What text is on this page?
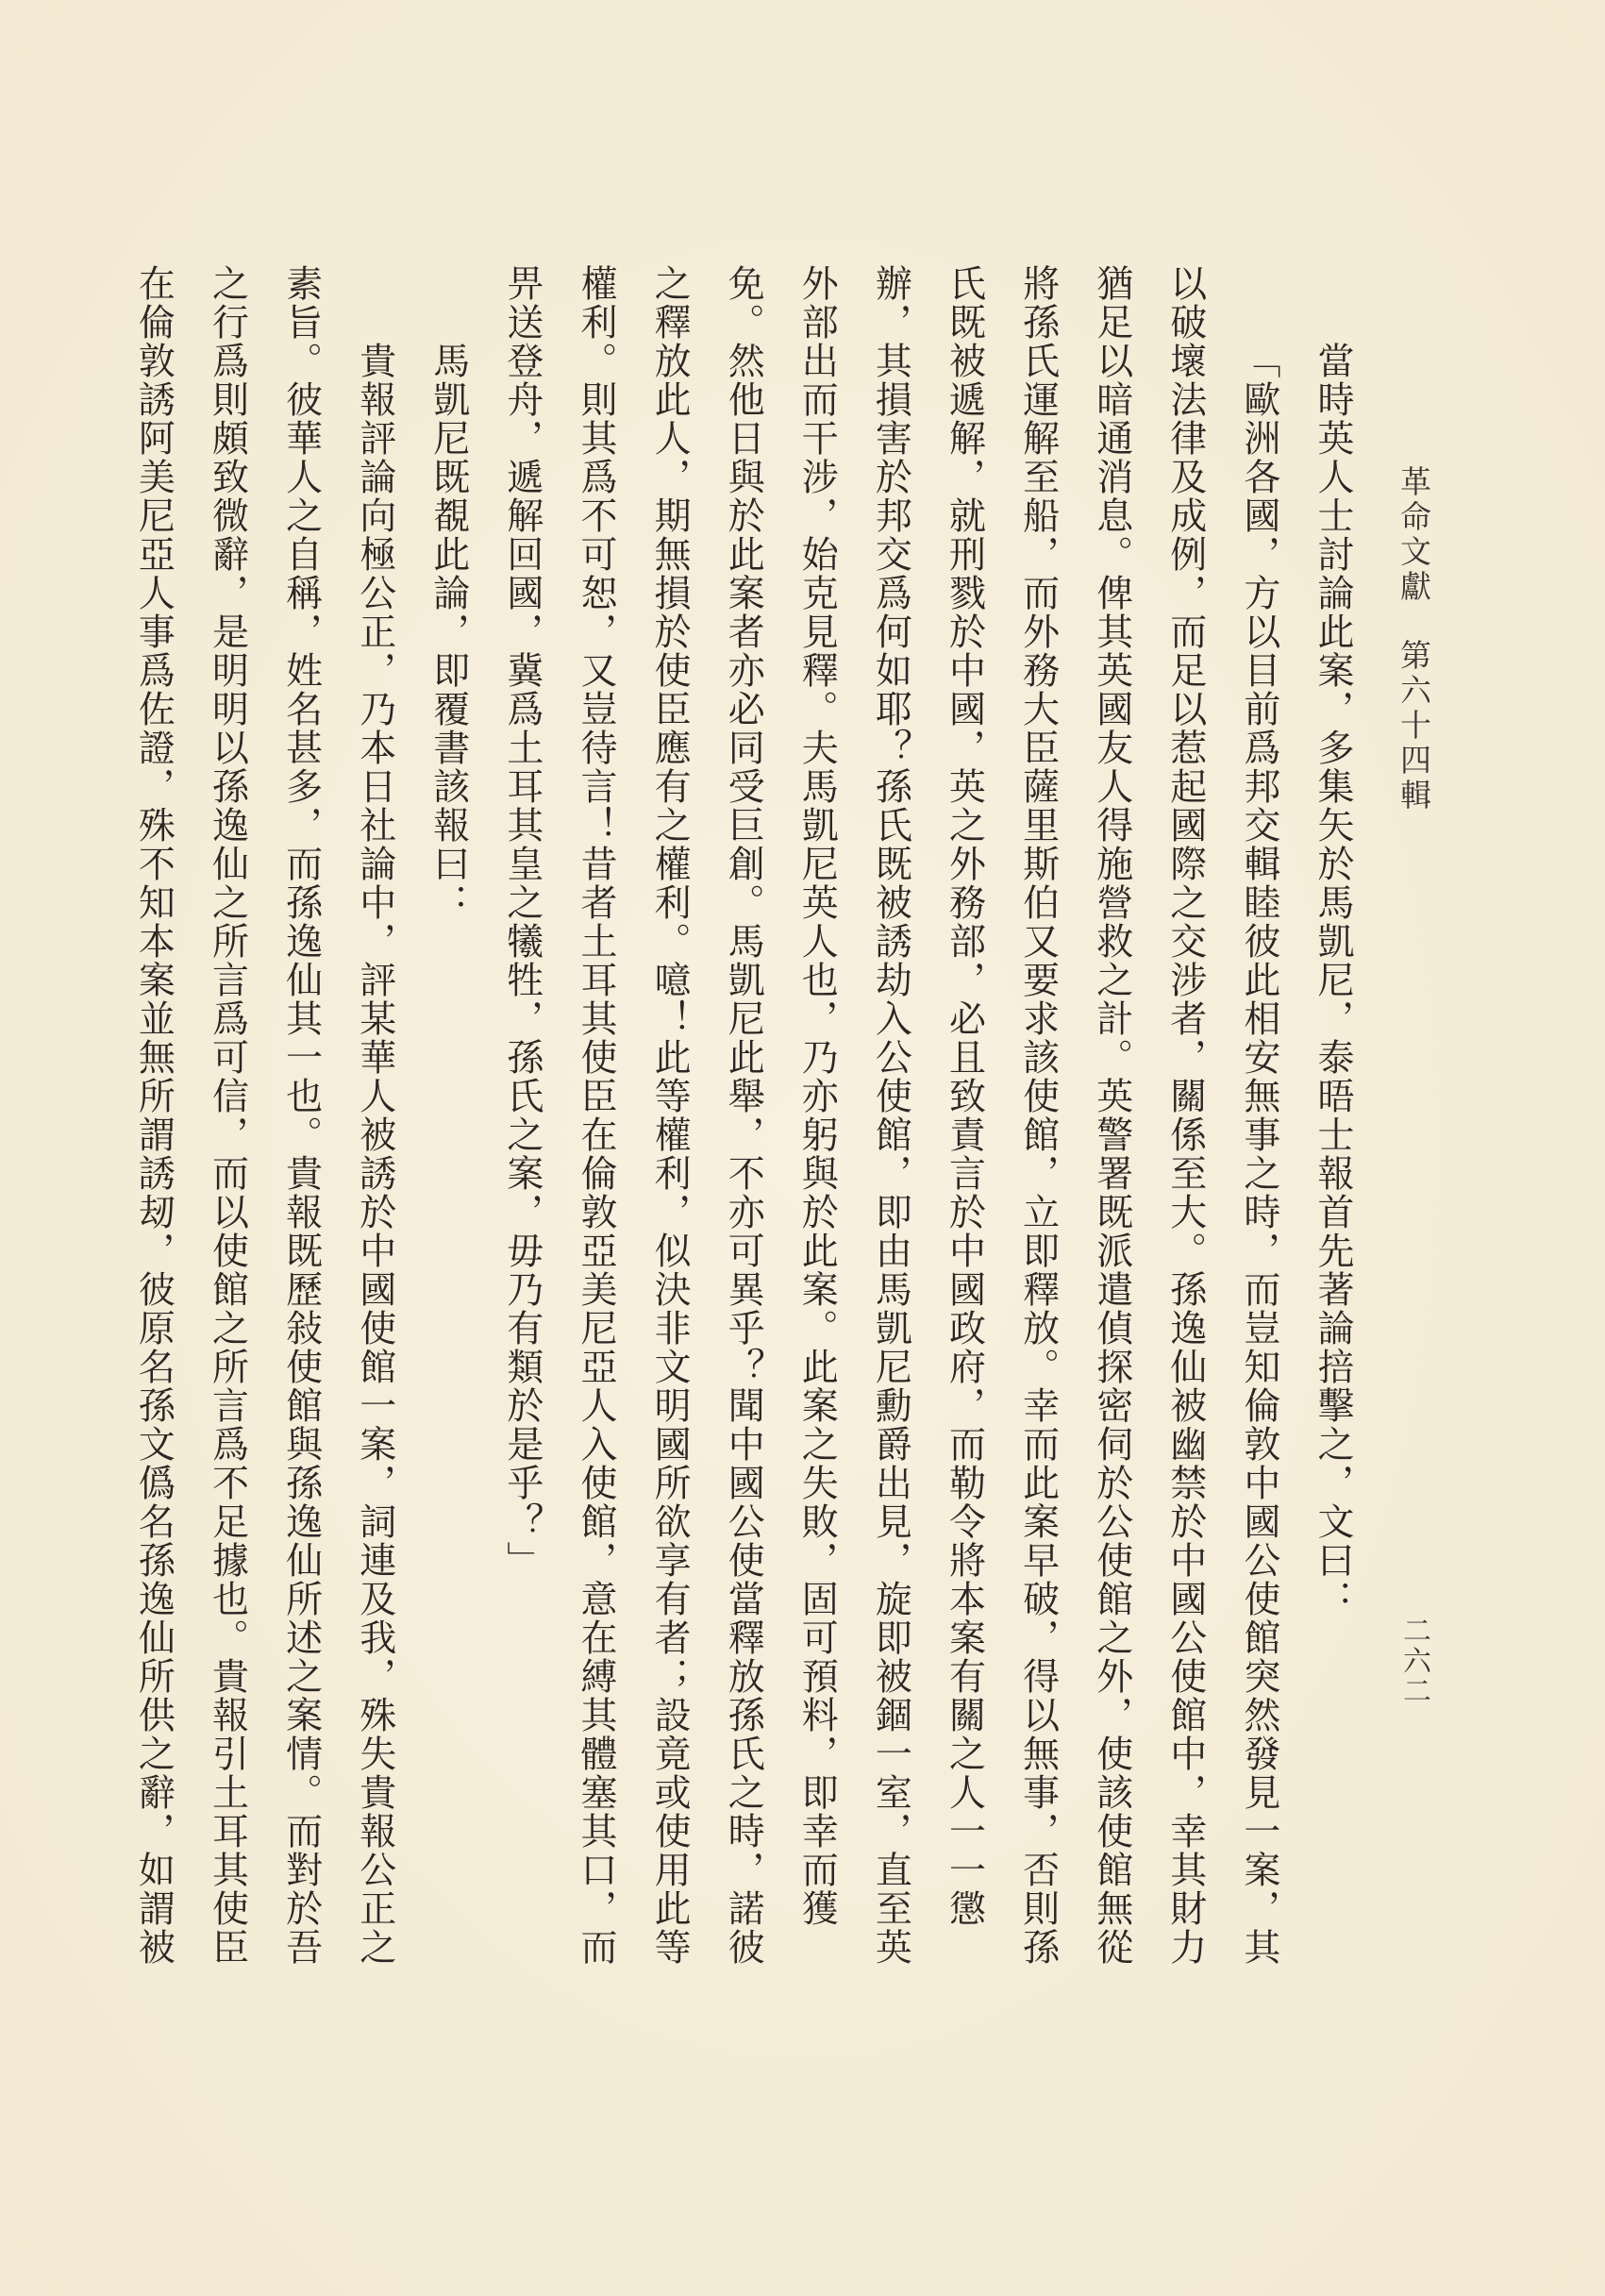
革命文獻第六十四輯
二六二
當時英人士討論此案，多集矢於馬凱尼，泰晤士報首先著論掊擊之，文曰：
「歐洲各國，方以目前爲邦交輯睦彼此相安無事之時，而豈知倫敦中國公使館突然發見一案，其
以破壞法律及成例，而足以惹起國際之交涉者，關係至大。孫逸仙被幽禁於中國公使館中，幸其財力
猶足以暗通消息。俾其英國友人得施營救之計。英警署既派遣偵探密伺於公使館之外，使該使館無從
將孫氏運解至船，而外務大臣薩里斯伯又要求該使館，立即釋放。幸而此案早破，得以無事，否則孫
氏既被遞解，就刑戮於中國，英之外務部，必且致責言於中國政府，而勒令將本案有關之人一一懲
辦，其損害於邦交爲何如耶？孫氏既被誘劫入公使館，即由馬凱尼勳爵出見，旋即被錮一室，直至英
外部出而干涉，始克見釋。夫馬凱尼英人也，乃亦躬與於此案。此案之失敗，固可預料，即幸而獲
免。然他日與於此案者亦必同受巨創。馬凱尼此舉，不亦可異乎？聞中國公使當釋放孫氏之時，諾彼
之釋放此人，期無損於使臣應有之權利。噫！此等權利，似決非文明國所欲享有者；設竟或使用此等
權利。則其爲不可恕，又豈待言！昔者土耳其使臣在倫敦亞美尼亞人入使館，意在縛其體塞其口，而
畀送登舟，遞解回國，冀爲土耳其皇之犧牲，孫氏之案，毋乃有類於是乎？」
馬凱尼既覩此論，即覆書該報曰：
貴報評論向極公正，乃本日社論中，評某華人被誘於中國使館一案，詞連及我，殊失貴報公正之
素旨。彼華人之自稱，姓名甚多，而孫逸仙其一也。貴報既歷敍使館與孫逸仙所述之案情。而對於吾
之行爲則頗致微辭，是明明以孫逸仙之所言爲可信，而以使館之所言爲不足據也。貴報引土耳其使臣
在倫敦誘阿美尼亞人事爲佐證，殊不知本案並無所謂誘刼，彼原名孫文僞名孫逸仙所供之辭，如謂被
